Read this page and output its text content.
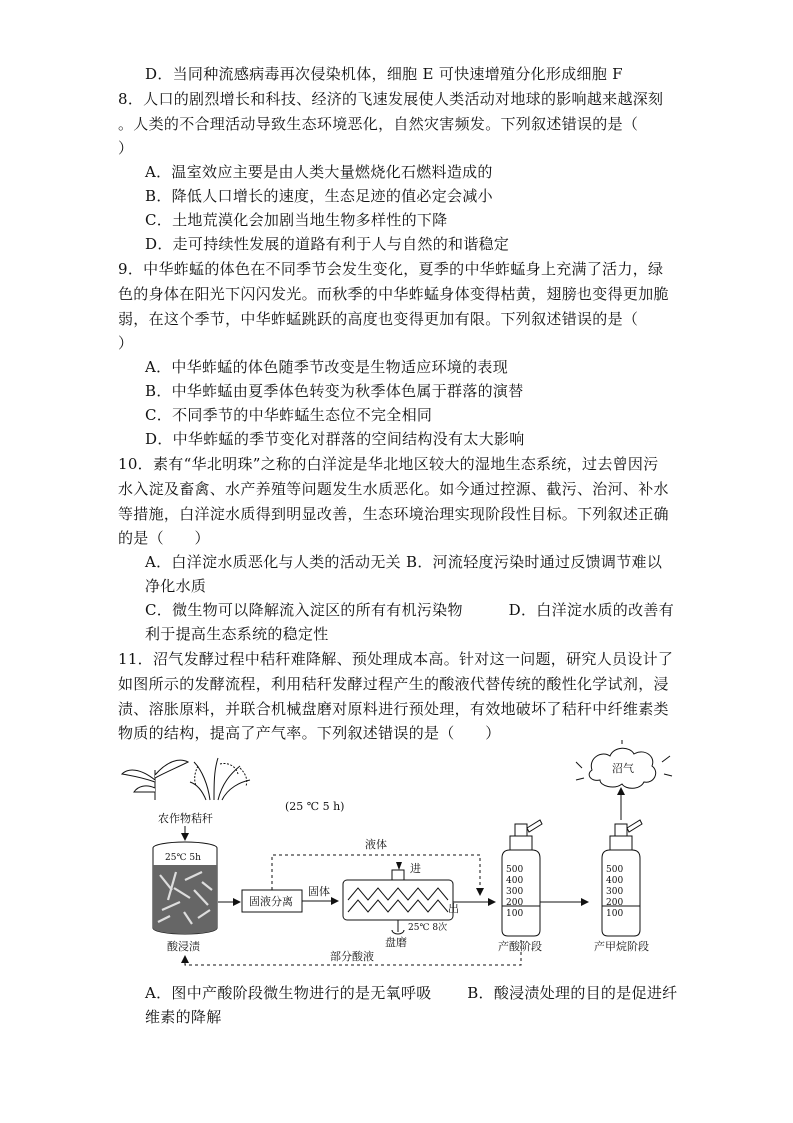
D．当同种流感病毒再次侵染机体，细胞 E 可快速增殖分化形成细胞 F
8．人口的剧烈增长和科技、经济的飞速发展使人类活动对地球的影响越来越深刻
。人类的不合理活动导致生态环境恶化，自然灾害频发。下列叙述错误的是（
）
A．温室效应主要是由人类大量燃烧化石燃料造成的
B．降低人口增长的速度，生态足迹的值必定会减小
C．土地荒漠化会加剧当地生物多样性的下降
D．走可持续性发展的道路有利于人与自然的和谐稳定
9．中华蚱蜢的体色在不同季节会发生变化，夏季的中华蚱蜢身上充满了活力，绿
色的身体在阳光下闪闪发光。而秋季的中华蚱蜢身体变得枯黄，翅膀也变得更加脆
弱，在这个季节，中华蚱蜢跳跃的高度也变得更加有限。下列叙述错误的是（
）
A．中华蚱蜢的体色随季节改变是生物适应环境的表现
B．中华蚱蜢由夏季体色转变为秋季体色属于群落的演替
C．不同季节的中华蚱蜢生态位不完全相同
D．中华蚱蜢的季节变化对群落的空间结构没有太大影响
10．素有“华北明珠”之称的白洋淀是华北地区较大的湿地生态系统，过去曾因污
水入淀及畜禽、水产养殖等问题发生水质恶化。如今通过控源、截污、治河、补水
等措施，白洋淀水质得到明显改善，生态环境治理实现阶段性目标。下列叙述正确
的是（　　）
A．白洋淀水质恶化与人类的活动无关 B．河流轻度污染时通过反馈调节难以
净化水质
C．微生物可以降解流入淀区的所有有机污染物　　　D．白洋淀水质的改善有
利于提高生态系统的稳定性
11．沼气发酵过程中秸秆难降解、预处理成本高。针对这一问题，研究人员设计了
如图所示的发酵流程，利用秸秆发酵过程产生的酸液代替传统的酸性化学试剂，浸
渍、溶胀原料，并联合机械盘磨对原料进行预处理，有效地破坏了秸秆中纤维素类
物质的结构，提高了产气率。下列叙述错误的是（　　）
农作物秸秆
(25 ℃ 5 h)
25℃ 5h
酸浸渍
固液分离
固体
液体
进
出
25℃ 8次
盘磨
500
400
300
200
100
产酸阶段
500
400
300
200
100
产甲烷阶段
沼气
部分酸液
A．图中产酸阶段微生物进行的是无氧呼吸　　 B．酸浸渍处理的目的是促进纤
维素的降解
